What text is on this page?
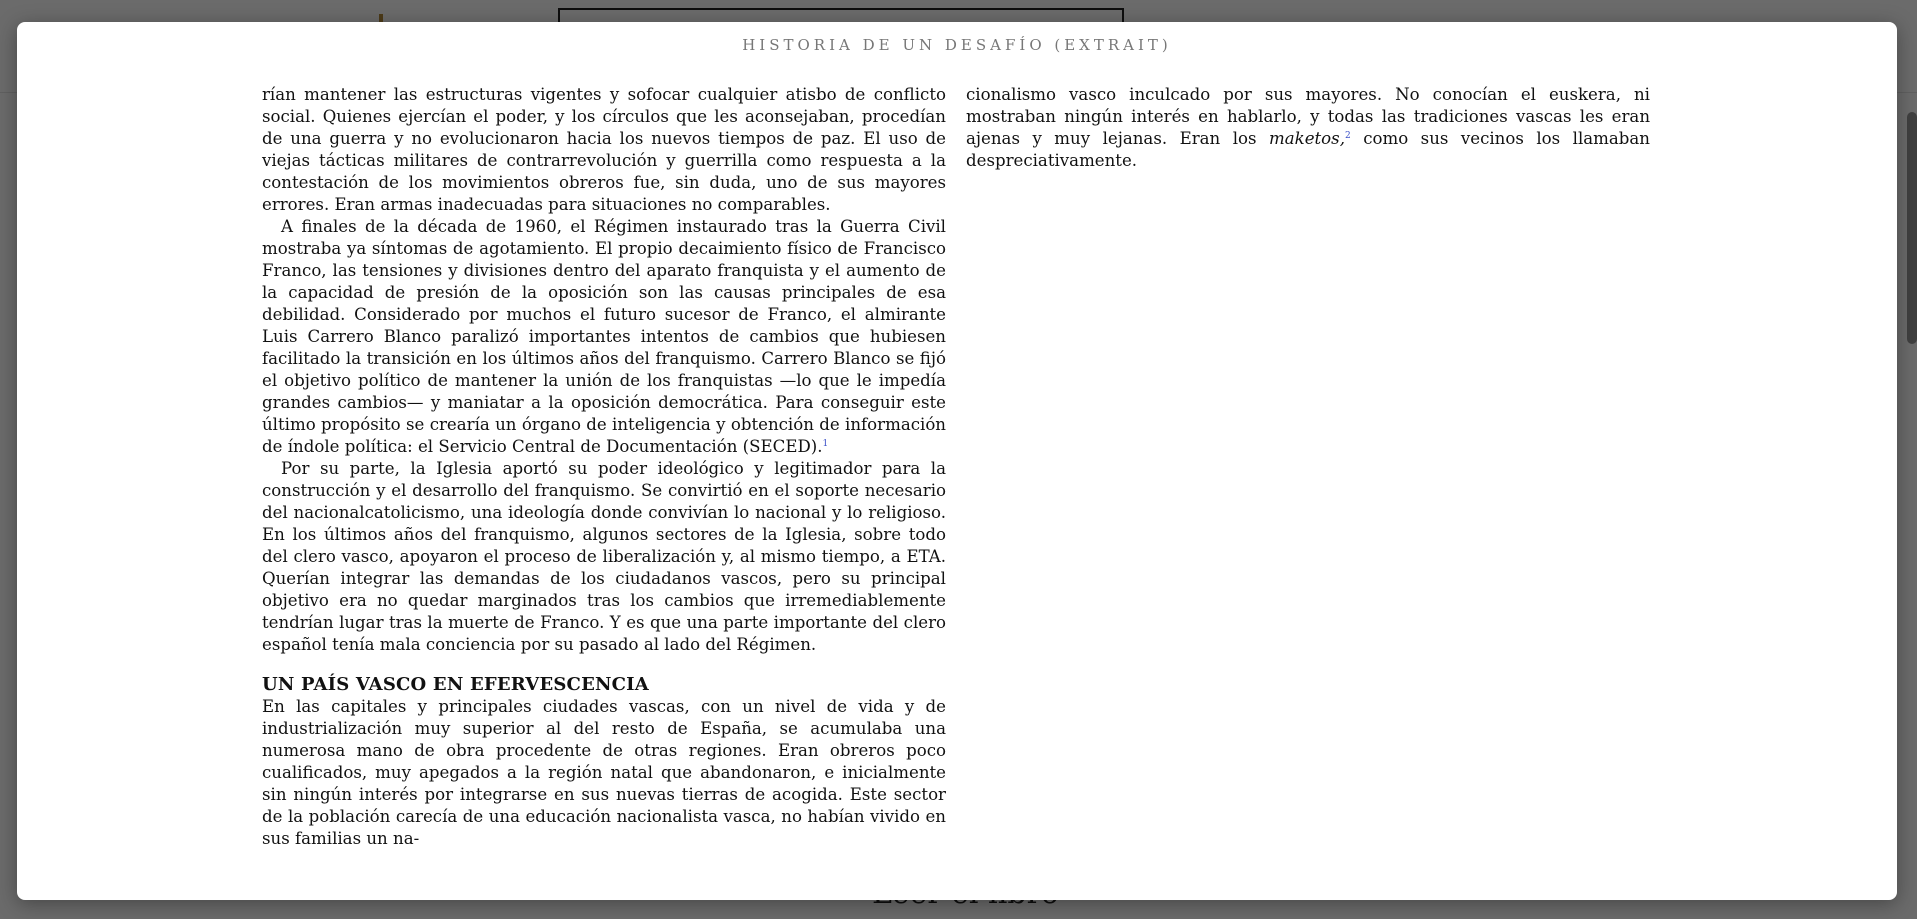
HISTORIA DE UN DESAFÍO (EXTRAIT)

rían mantener las estructuras vigentes y sofocar cualquier atisbo de conflicto social. Quienes ejercían el poder, y los círculos que les aconsejaban, procedían de una guerra y no evolucionaron hacia los nuevos tiempos de paz. El uso de viejas tácticas militares de contrarrevolución y guerrilla como respuesta a la contestación de los movimientos obreros fue, sin duda, uno de sus mayores errores. Eran armas inadecuadas para situaciones no comparables.

A finales de la década de 1960, el Régimen instaurado tras la Guerra Civil mostraba ya síntomas de agotamiento. El propio decaimiento físico de Francisco Franco, las tensiones y divisiones dentro del aparato franquista y el aumento de la capacidad de presión de la oposición son las causas principales de esa debilidad. Considerado por muchos el futuro sucesor de Franco, el almirante Luis Carrero Blanco paralizó importantes intentos de cambios que hubiesen facilitado la transición en los últimos años del franquismo. Carrero Blanco se fijó el objetivo político de mantener la unión de los franquistas —lo que le impedía grandes cambios— y maniatar a la oposición democrática. Para conseguir este último propósito se crearía un órgano de inteligencia y obtención de información de índole política: el Servicio Central de Documentación (SECED).$^1$

Por su parte, la Iglesia aportó su poder ideológico y legitimador para la construcción y el desarrollo del franquismo. Se convirtió en el soporte necesario del nacionalcatolicismo, una ideología donde convivían lo nacional y lo religioso. En los últimos años del franquismo, algunos sectores de la Iglesia, sobre todo del clero vasco, apoyaron el proceso de liberalización y, al mismo tiempo, a ETA. Querían integrar las demandas de los ciudadanos vascos, pero su principal objetivo era no quedar marginados tras los cambios que irremediablemente tendrían lugar tras la muerte de Franco. Y es que una parte importante del clero español tenía mala conciencia por su pasado al lado del Régimen.

UN PAÍS VASCO EN EFERVESCENCIA

En las capitales y principales ciudades vascas, con un nivel de vida y de industrialización muy superior al del resto de España, se acumulaba una numerosa mano de obra procedente de otras regiones. Eran obreros poco cualificados, muy apegados a la región natal que abandonaron, e inicialmente sin ningún interés por integrarse en sus nuevas tierras de acogida. Este sector de la población carecía de una educación nacionalista vasca, no habían vivido en sus familias un na-

cionalismo vasco inculcado por sus mayores. No conocían el euskera, ni mostraban ningún interés en hablarlo, y todas las tradiciones vascas les eran ajenas y muy lejanas. Eran los maketos,$^2$ como sus vecinos los llamaban despreciativamente.
